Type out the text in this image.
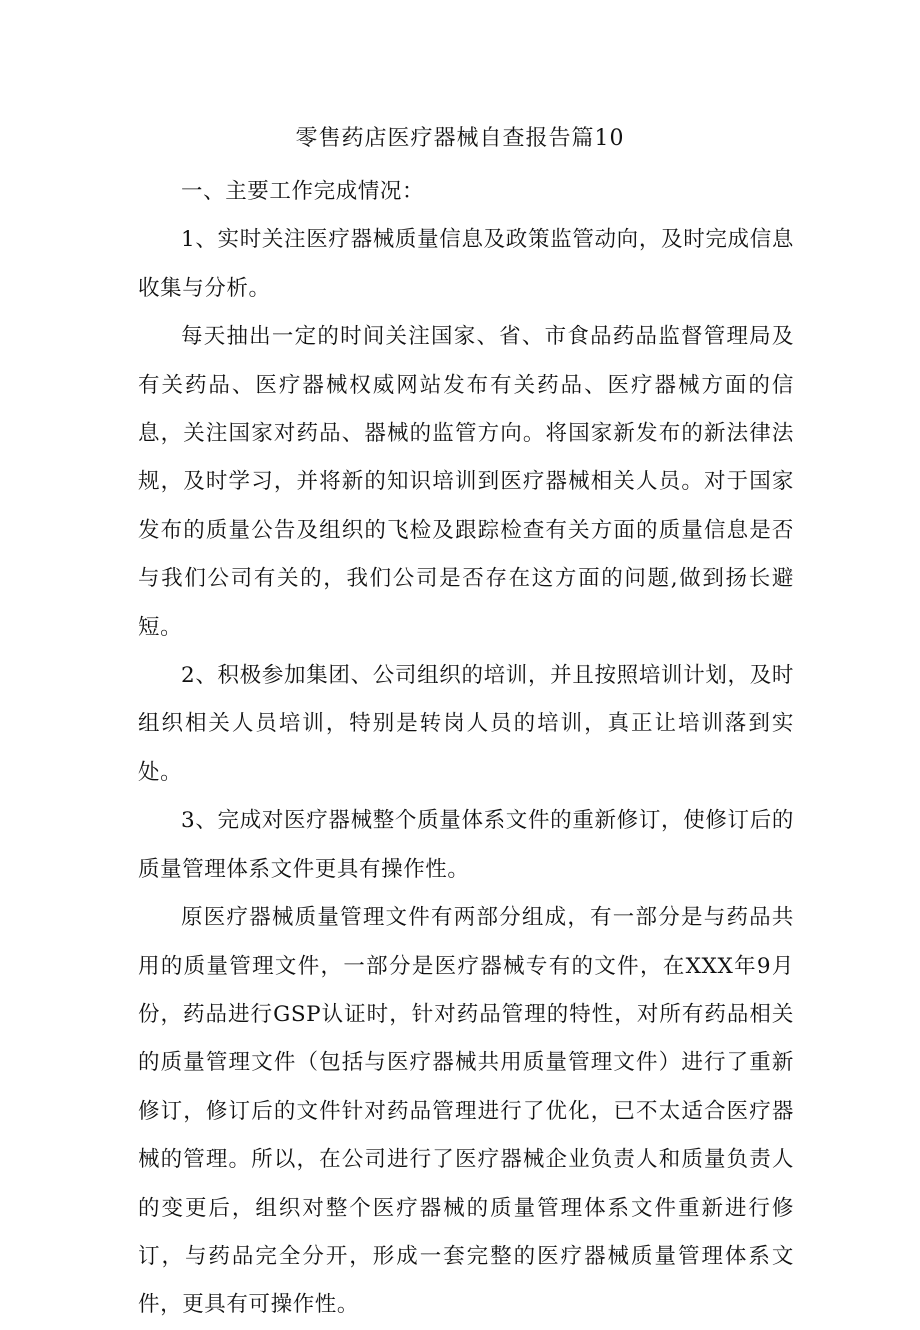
零售药店医疗器械自查报告篇10

一、主要工作完成情况：

1、实时关注医疗器械质量信息及政策监管动向，及时完成信息收集与分析。

每天抽出一定的时间关注国家、省、市食品药品监督管理局及有关药品、医疗器械权威网站发布有关药品、医疗器械方面的信息，关注国家对药品、器械的监管方向。将国家新发布的新法律法规，及时学习，并将新的知识培训到医疗器械相关人员。对于国家发布的质量公告及组织的飞检及跟踪检查有关方面的质量信息是否与我们公司有关的，我们公司是否存在这方面的问题,做到扬长避短。

2、积极参加集团、公司组织的培训，并且按照培训计划，及时组织相关人员培训，特别是转岗人员的培训，真正让培训落到实处。

3、完成对医疗器械整个质量体系文件的重新修订，使修订后的质量管理体系文件更具有操作性。

原医疗器械质量管理文件有两部分组成，有一部分是与药品共用的质量管理文件，一部分是医疗器械专有的文件，在XXX年9月份，药品进行GSP认证时，针对药品管理的特性，对所有药品相关的质量管理文件（包括与医疗器械共用质量管理文件）进行了重新修订，修订后的文件针对药品管理进行了优化，已不太适合医疗器械的管理。所以，在公司进行了医疗器械企业负责人和质量负责人的变更后，组织对整个医疗器械的质量管理体系文件重新进行修订，与药品完全分开，形成一套完整的医疗器械质量管理体系文件，更具有可操作性。
